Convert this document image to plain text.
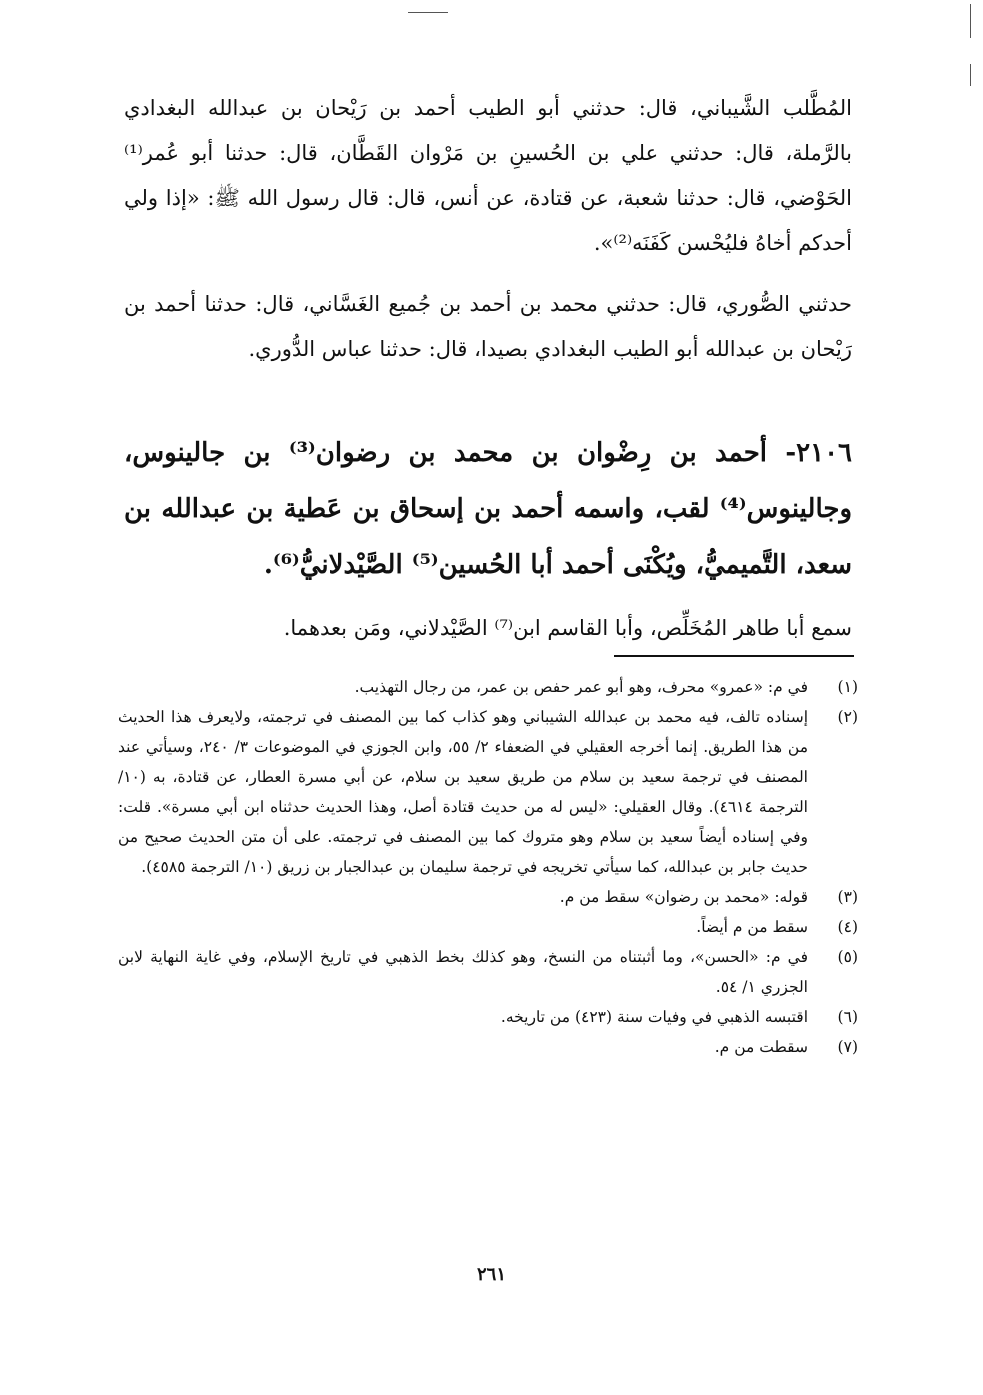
المُطَّلب الشَّيباني، قال: حدثني أبو الطيب أحمد بن رَيْحان بن عبدالله البغدادي بالرَّملة، قال: حدثني علي بن الحُسينِ بن مَرْوان القَطَّان، قال: حدثنا أبو عُمر⁽¹⁾ الحَوْضي، قال: حدثنا شعبة، عن قتادة، عن أنس، قال: قال رسول الله ﷺ: «إذا ولي أحدكم أخاهُ فليُحْسن كَفَنَه⁽²⁾».

حدثني الصُّوري، قال: حدثني محمد بن أحمد بن جُميع الغَسَّاني، قال: حدثنا أحمد بن رَيْحان بن عبدالله أبو الطيب البغدادي بصيدا، قال: حدثنا عباس الدُّوري.

٢١٠٦- أحمد بن رِضْوان بن محمد بن رضوان⁽³⁾ بن جالينوس، وجالينوس⁽⁴⁾ لقب، واسمه أحمد بن إسحاق بن عَطية بن عبدالله بن سعد، التَّميميُّ، ويُكْنَى أحمد أبا الحُسين⁽⁵⁾ الصَّيْدلانيُّ⁽⁶⁾.

سمع أبا طاهر المُخَلِّص، وأبا القاسم ابن⁽⁷⁾ الصَّيْدلاني، ومَن بعدهما.

(١)
في م: «عمرو» محرف، وهو أبو عمر حفص بن عمر، من رجال التهذيب.
(٢)
إسناده تالف، فيه محمد بن عبدالله الشيباني وهو كذاب كما بين المصنف في ترجمته، ولايعرف هذا الحديث من هذا الطريق. إنما أخرجه العقيلي في الضعفاء ٢/ ٥٥، وابن الجوزي في الموضوعات ٣/ ٢٤٠، وسيأتي عند المصنف في ترجمة سعيد بن سلام من طريق سعيد بن سلام، عن أبي مسرة العطار، عن قتادة، به (١٠/ الترجمة ٤٦١٤). وقال العقيلي: «ليس له من حديث قتادة أصل، وهذا الحديث حدثناه ابن أبي مسرة». قلت: وفي إسناده أيضاً سعيد بن سلام وهو متروك كما بين المصنف في ترجمته. على أن متن الحديث صحيح من حديث جابر بن عبدالله، كما سيأتي تخريجه في ترجمة سليمان بن عبدالجبار بن زريق (١٠/ الترجمة ٤٥٨٥).
(٣)
قوله: «محمد بن رضوان» سقط من م.
(٤)
سقط من م أيضاً.
(٥)
في م: «الحسن»، وما أثبتناه من النسخ، وهو كذلك بخط الذهبي في تاريخ الإسلام، وفي غاية النهاية لابن الجزري ١/ ٥٤.
(٦)
اقتبسه الذهبي في وفيات سنة (٤٢٣) من تاريخه.
(٧)
سقطت من م.
٢٦١
